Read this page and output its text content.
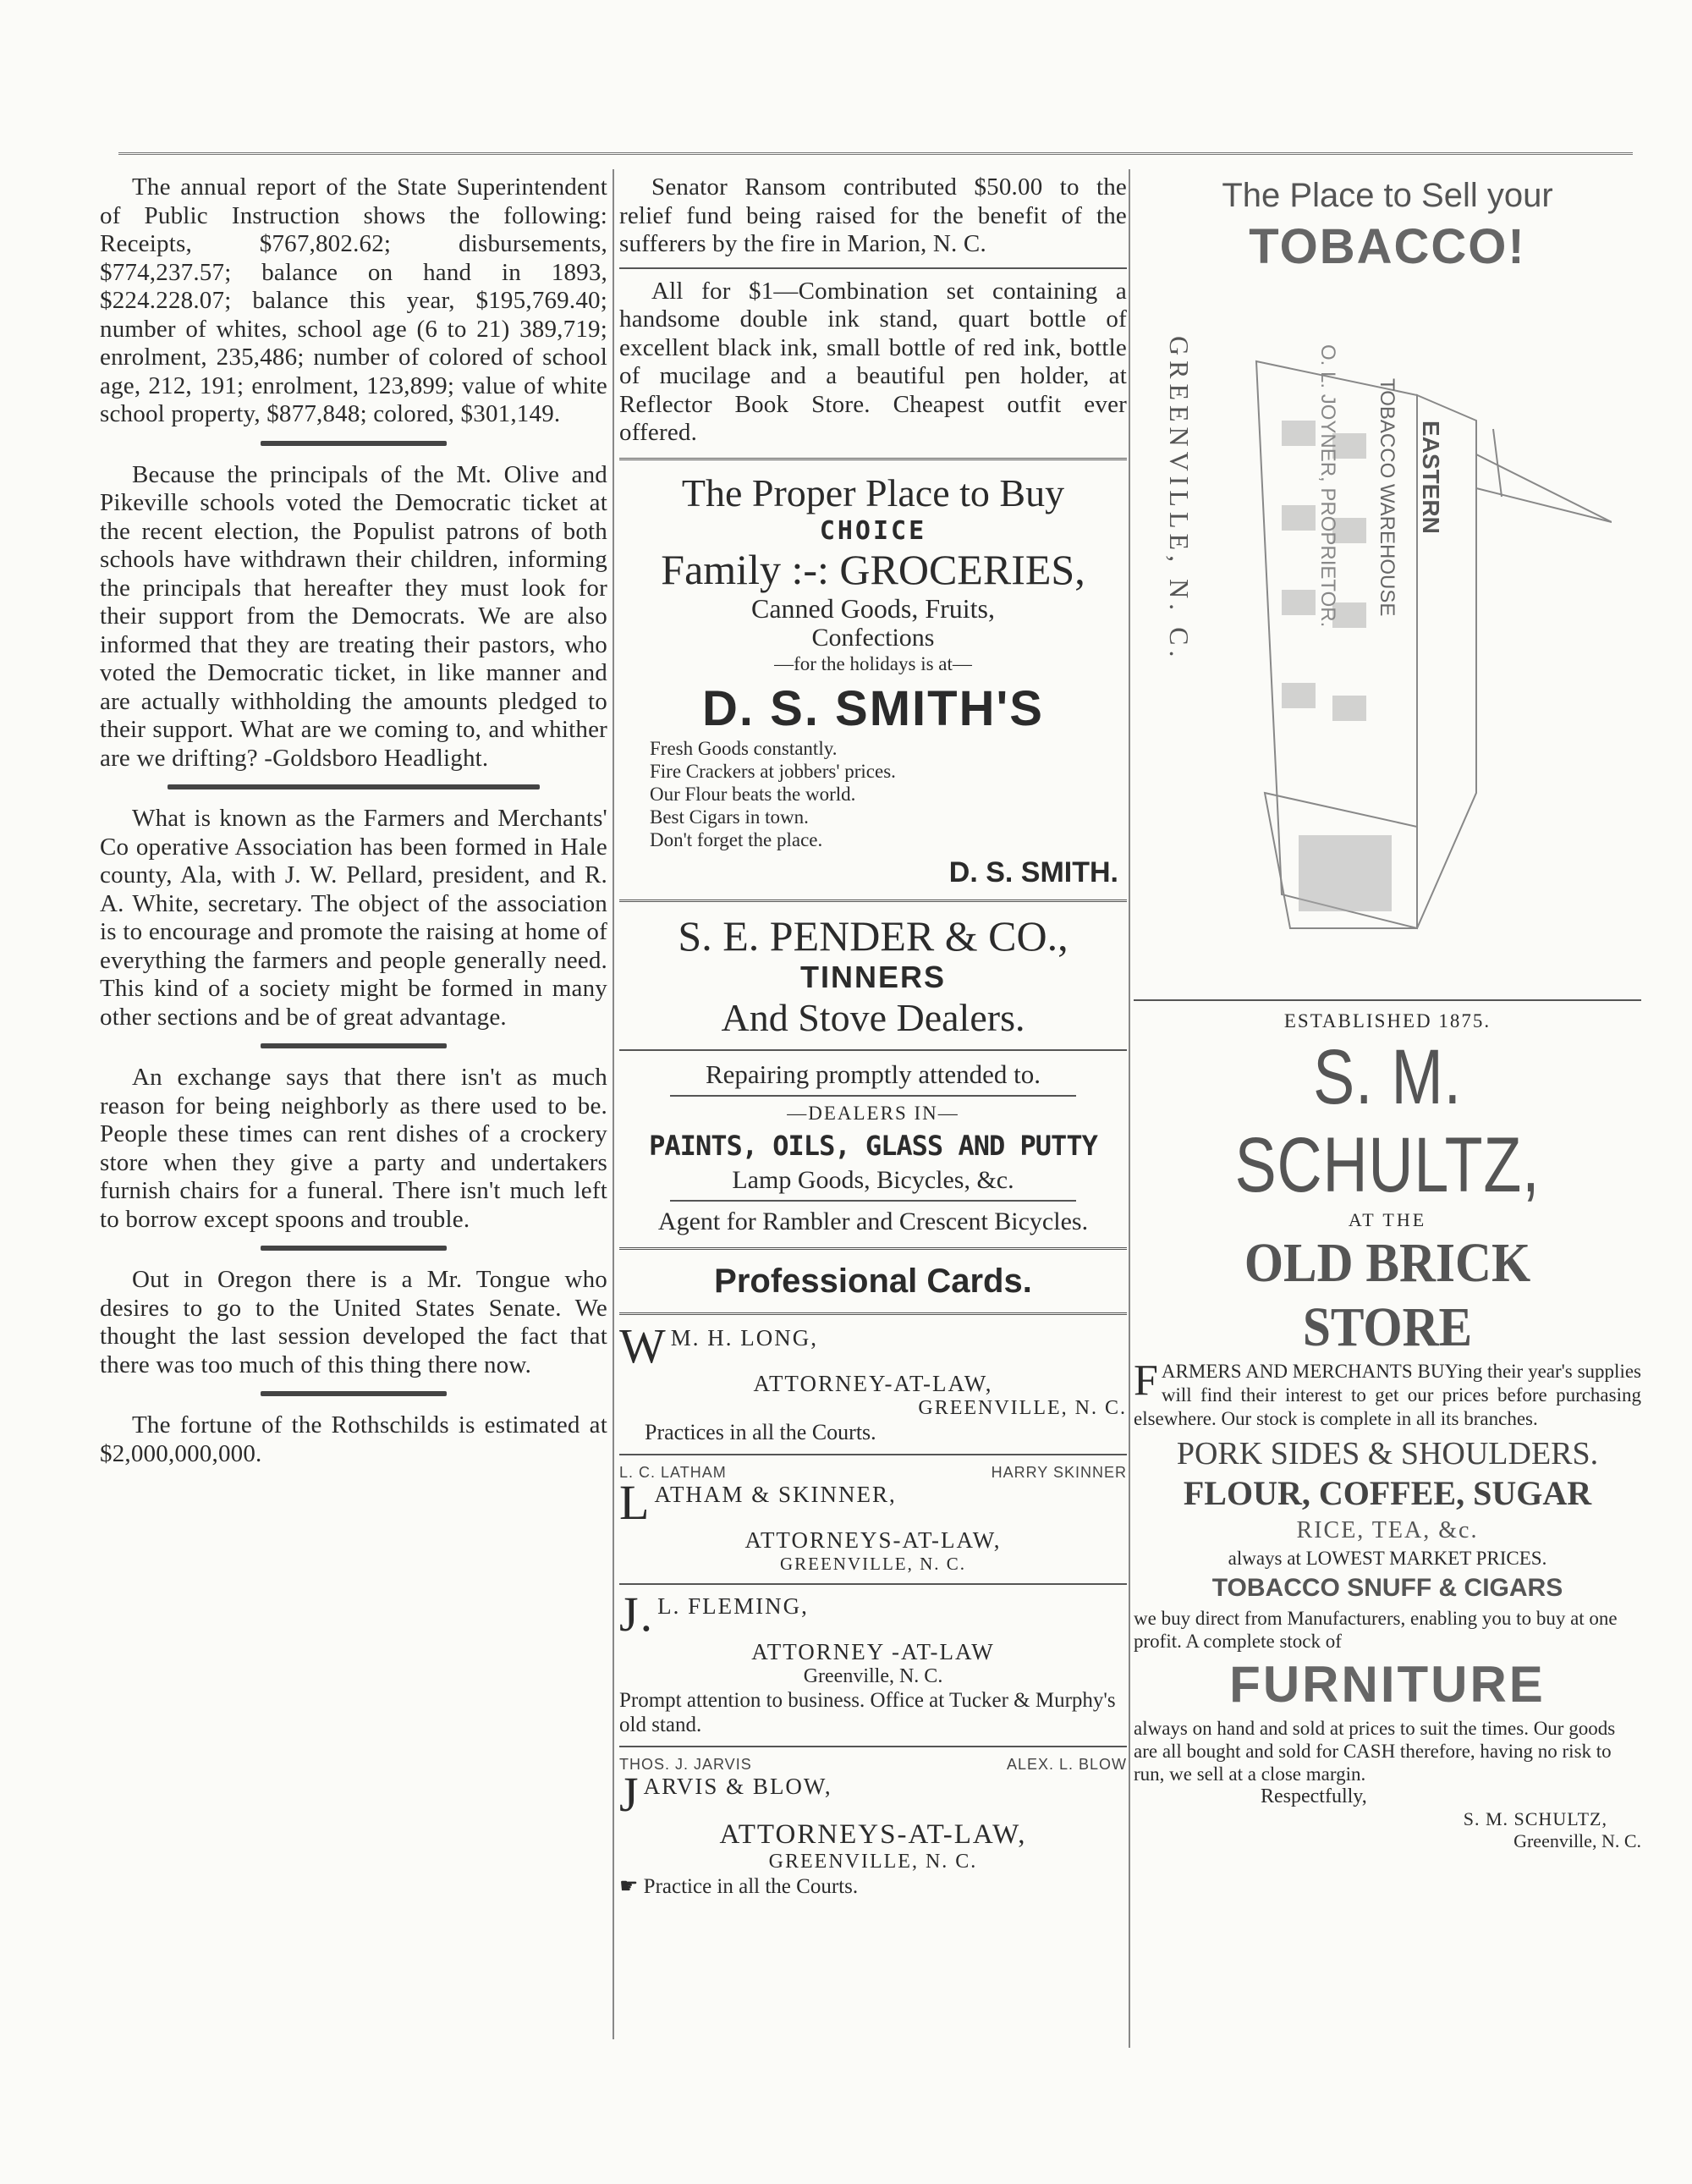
The annual report of the State Superintendent of Public Instruction shows the following: Receipts, $767,802.62; disbursements, $774,237.57; balance on hand in 1893, $224.228.07; balance this year, $195,769.40; number of whites, school age (6 to 21) 389,719; enrolment, 235,486; number of colored of school age, 212, 191; enrolment, 123,899; value of white school property, $877,848; colored, $301,149.

Because the principals of the Mt. Olive and Pikeville schools voted the Democratic ticket at the recent election, the Populist patrons of both schools have withdrawn their children, informing the principals that hereafter they must look for their support from the Democrats. We are also informed that they are treating their pastors, who voted the Democratic ticket, in like manner and are actually withholding the amounts pledged to their support. What are we coming to, and whither are we drifting? -Goldsboro Headlight.

What is known as the Farmers and Merchants' Co operative Association has been formed in Hale county, Ala, with J. W. Pellard, president, and R. A. White, secretary. The object of the association is to encourage and promote the raising at home of everything the farmers and people generally need. This kind of a society might be formed in many other sections and be of great advantage.

An exchange says that there isn't as much reason for being neighborly as there used to be. People these times can rent dishes of a crockery store when they give a party and undertakers furnish chairs for a funeral. There isn't much left to borrow except spoons and trouble.

Out in Oregon there is a Mr. Tongue who desires to go to the United States Senate. We thought the last session developed the fact that there was too much of this thing there now.

The fortune of the Rothschilds is estimated at $2,000,000,000.

Senator Ransom contributed $50.00 to the relief fund being raised for the benefit of the sufferers by the fire in Marion, N. C.

All for $1—Combination set containing a handsome double ink stand, quart bottle of excellent black ink, small bottle of red ink, bottle of mucilage and a beautiful pen holder, at Reflector Book Store. Cheapest outfit ever offered.

The Proper Place to Buy
CHOICE
Family :-: GROCERIES,
Canned Goods, Fruits,
Confections
—for the holidays is at—
D. S. SMITH'S
Fresh Goods constantly.
Fire Crackers at jobbers' prices.
Our Flour beats the world.
Best Cigars in town.
Don't forget the place.
D. S. SMITH.
S. E. PENDER & CO.,
TINNERS
And Stove Dealers.
Repairing promptly attended to.
—DEALERS IN—
PAINTS, OILS, GLASS AND PUTTY
Lamp Goods, Bicycles, &c.
Agent for Rambler and Crescent Bicycles.
Professional Cards.
W M. H. LONG,
ATTORNEY-AT-LAW,
GREENVILLE, N. C.
Practices in all the Courts.
L. C. LATHAM	HARRY SKINNER
LATHAM & SKINNER,
ATTORNEYS-AT-LAW,
GREENVILLE, N. C.
J. L. FLEMING,
ATTORNEY -AT-LAW
Greenville, N. C.
Prompt attention to business. Office at Tucker & Murphy's old stand.
THOS. J. JARVIS	ALEX. L. BLOW
JARVIS & BLOW,
ATTORNEYS-AT-LAW,
GREENVILLE, N. C.
☛ Practice in all the Courts.
The Place to Sell your
TOBACCO!
GREENVILLE, N. C.	EASTERN
TOBACCO WAREHOUSE
O. L. JOYNER, PROPRIETOR.
ESTABLISHED 1875.
S. M. SCHULTZ,
AT THE
OLD BRICK STORE
FARMERS AND MERCHANTS BUYing their year's supplies will find their interest to get our prices before purchasing elsewhere. Our stock is complete in all its branches.
PORK SIDES & SHOULDERS.
FLOUR, COFFEE, SUGAR
RICE, TEA, &c.
always at LOWEST MARKET PRICES.
TOBACCO SNUFF & CIGARS
we buy direct from Manufacturers, enabling you to buy at one profit. A complete stock of
FURNITURE
always on hand and sold at prices to suit the times. Our goods are all bought and sold for CASH therefore, having no risk to run, we sell at a close margin.
Respectfully,
S. M. SCHULTZ,
Greenville, N. C.
